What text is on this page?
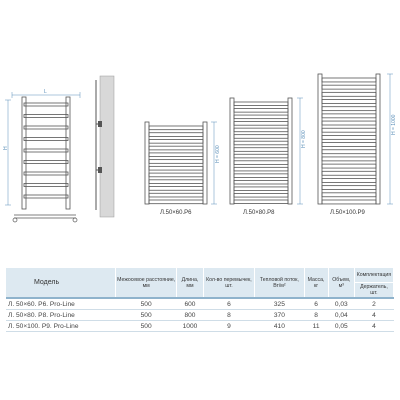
L
H	H = 600
H = 800
H = 1000
Л.50×60.Р6	Л.50×80.Р8	Л.50×100.Р9
Модель	Межосевое расстояние, мм	Длина, мм	Кол-во перемычек, шт.	Тепловой поток, Вт/м²	Масса, кг	Объем, м³	Комплектация
							Держатель, шт.
Л. 50×60. Р6. Pro-Line	500	600	6	325	6	0,03	2
Л. 50×80. Р8. Pro-Line	500	800	8	370	8	0,04	4
Л. 50×100. Р9. Pro-Line	500	1000	9	410	11	0,05	4
